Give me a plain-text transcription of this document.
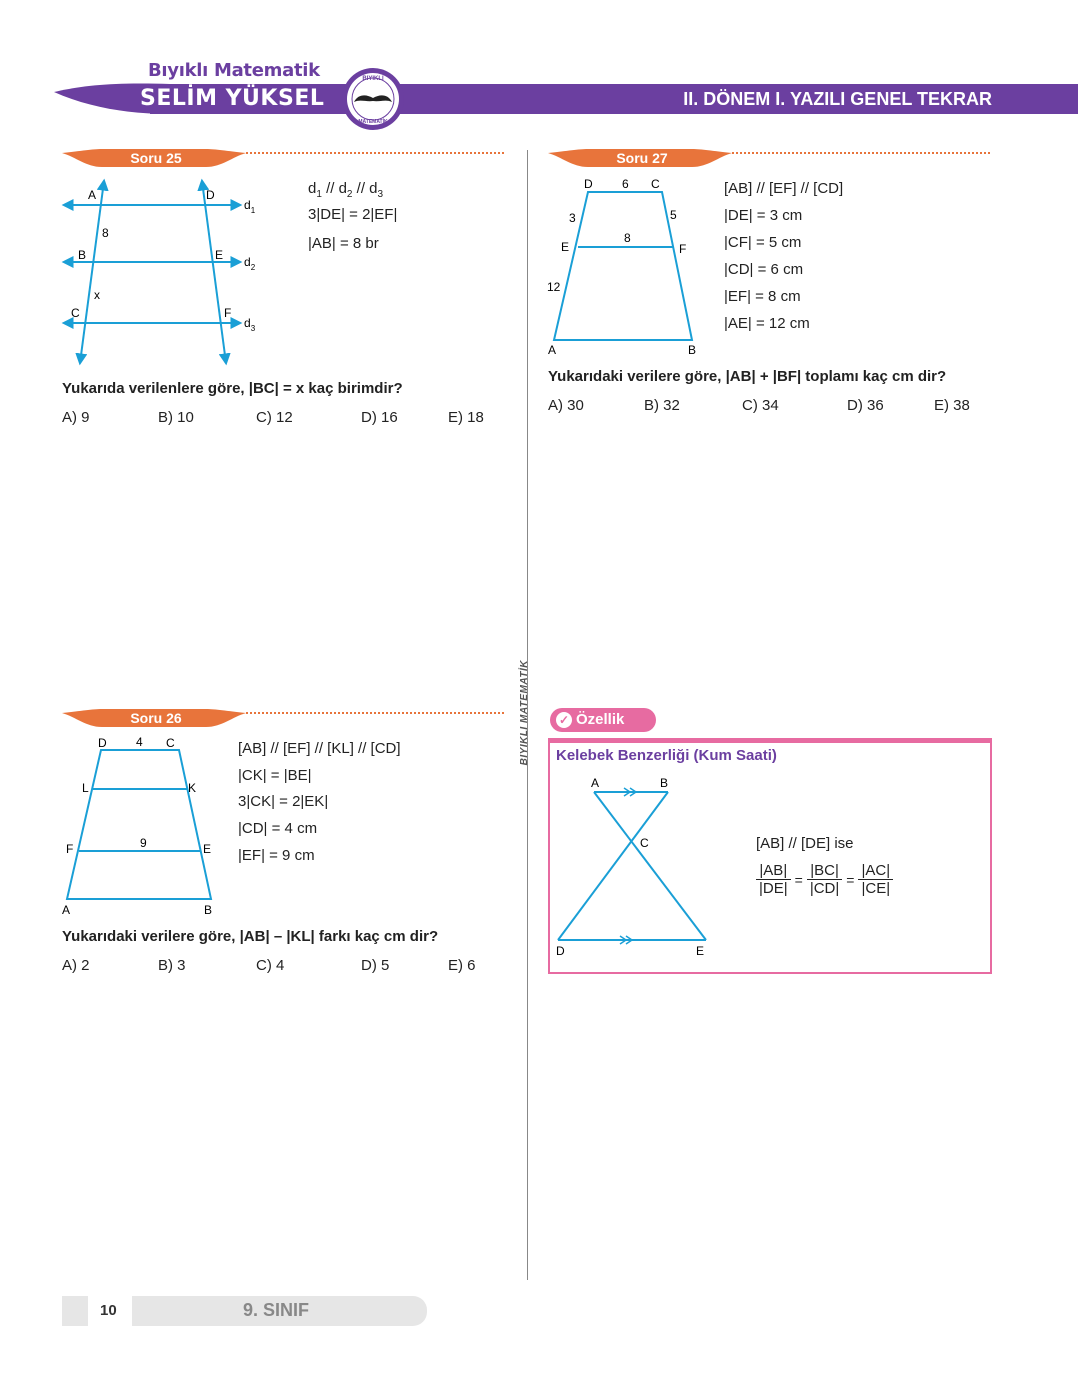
Bıyıklı Matematik
SELİM YÜKSEL
BIYIKLI
MATEMATİK
II. DÖNEM I. YAZILI GENEL TEKRAR
Soru 25
A
B
C
D
E
F
8
x
$d_1$
$d_2$
$d_3$
$d_1 // d_2 // d_3$
3|DE| = 2|EF|
|AB| = 8 br
Yukarıda verilenlere göre, |BC| = x kaç birimdir?
A) 9	B) 10	C) 12	D) 16	E) 18
Soru 27
D 6 C
3	5
E
8
F
12
A	B
[AB] // [EF] // [CD]
|DE| = 3 cm
|CF| = 5 cm
|CD| = 6 cm
|EF| = 8 cm
|AE| = 12 cm
Yukarıdaki verilere göre, |AB| + |BF| toplamı kaç cm dir?
A) 30	B) 32	C) 34	D) 36	E) 38
BIYIKLI MATEMATİK
Soru 26
D 4 C
L	K
9
F	E
A	B
[AB] // [EF] // [KL] // [CD]
|CK| = |BE|
3|CK| = 2|EK|
|CD| = 4 cm
|EF| = 9 cm
Yukarıdaki verilere göre, |AB| – |KL| farkı kaç cm dir?
A) 2	B) 3	C) 4	D) 5	E) 6
✓ Özellik
Kelebek Benzerliği (Kum Saati)
A	B
C
D	E
[AB] // [DE] ise
|AB|
|DE|
=
|BC|
|CD|
=
|AC|
|CE|
10	9. SINIF
